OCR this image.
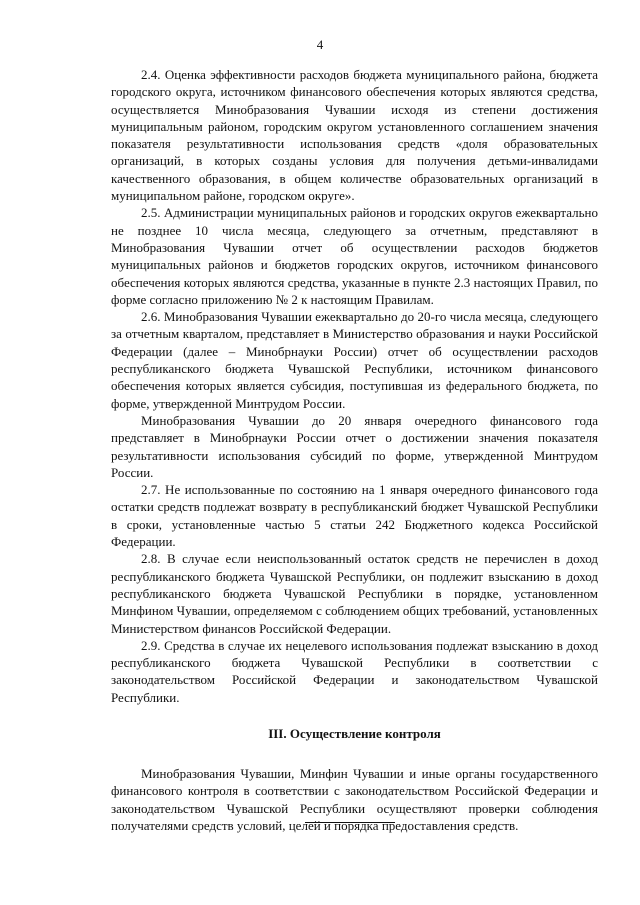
4

2.4. Оценка эффективности расходов бюджета муниципального района, бюджета городского округа, источником финансового обеспечения которых являются средства, осуществляется Минобразования Чувашии исходя из степени достижения муниципальным районом, городским округом установленного соглашением значения показателя результативности использования средств «доля образовательных организаций, в которых созданы условия для получения детьми-инвалидами качественного образования, в общем количестве образовательных организаций в муниципальном районе, городском округе».

2.5. Администрации муниципальных районов и городских округов ежеквартально не позднее 10 числа месяца, следующего за отчетным, представляют в Минобразования Чувашии отчет об осуществлении расходов бюджетов муниципальных районов и бюджетов городских округов, источником финансового обеспечения которых являются средства, указанные в пункте 2.3 настоящих Правил, по форме согласно приложению № 2 к настоящим Правилам.

2.6. Минобразования Чувашии ежеквартально до 20-го числа месяца, следующего за отчетным кварталом, представляет в Министерство образования и науки Российской Федерации (далее – Минобрнауки России) отчет об осуществлении расходов республиканского бюджета Чувашской Республики, источником финансового обеспечения которых является субсидия, поступившая из федерального бюджета, по форме, утвержденной Минтрудом России.

Минобразования Чувашии до 20 января очередного финансового года представляет в Минобрнауки России отчет о достижении значения показателя результативности использования субсидий по форме, утвержденной Минтрудом России.

2.7. Не использованные по состоянию на 1 января очередного финансового года остатки средств подлежат возврату в республиканский бюджет Чувашской Республики в сроки, установленные частью 5 статьи 242 Бюджетного кодекса Российской Федерации.

2.8. В случае если неиспользованный остаток средств не перечислен в доход республиканского бюджета Чувашской Республики, он подлежит взысканию в доход республиканского бюджета Чувашской Республики в порядке, установленном Минфином Чувашии, определяемом с соблюдением общих требований, установленных Министерством финансов Российской Федерации.

2.9. Средства в случае их нецелевого использования подлежат взысканию в доход республиканского бюджета Чувашской Республики в соответствии с законодательством Российской Федерации и законодательством Чувашской Республики.

III. Осуществление контроля

Минобразования Чувашии, Минфин Чувашии и иные органы государственного финансового контроля в соответствии с законодательством Российской Федерации и законодательством Чувашской Республики осуществляют проверки соблюдения получателями средств условий, целей и порядка предоставления средств.
